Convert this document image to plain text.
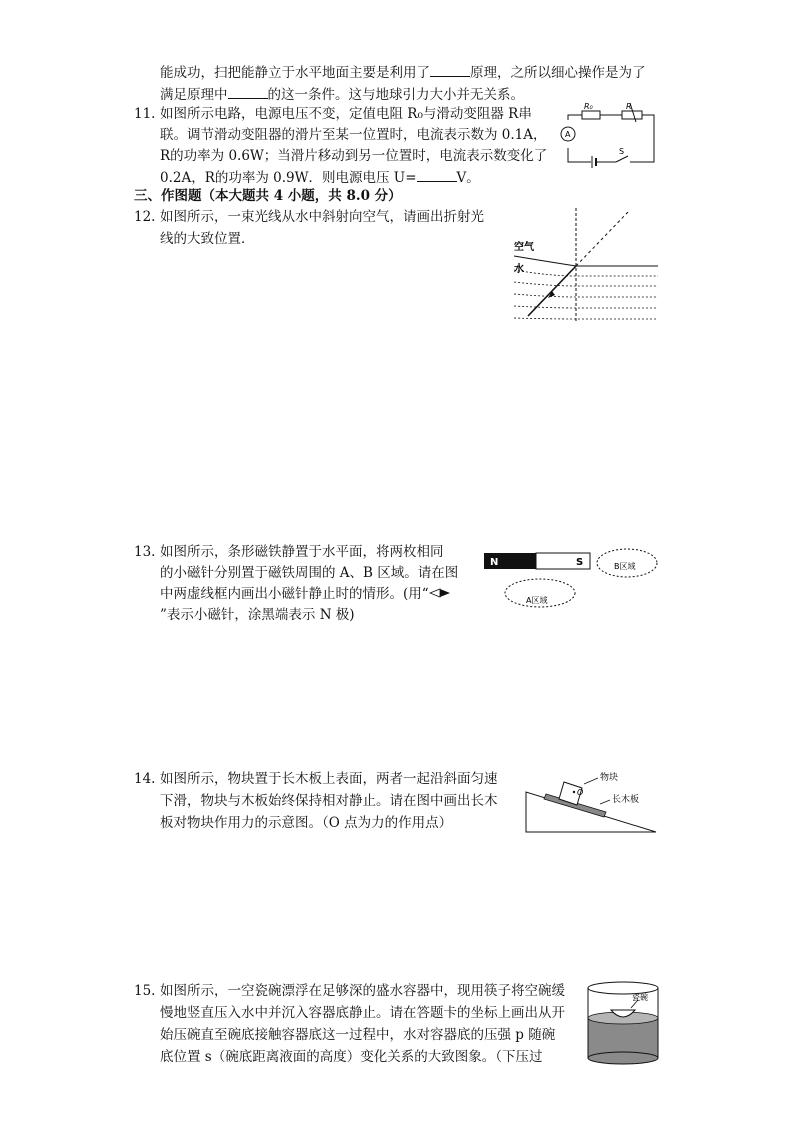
能成功，扫把能静立于水平地面主要是利用了	原理，之所以细心操作是为了
满足原理中	的这一条件。这与地球引力大小并无关系。
11. 如图所示电路，电源电压不变，定值电阻 R₀与滑动变阻器 R串
联。调节滑动变阻器的滑片至某一位置时，电流表示数为 0.1A，
R的功率为 0.6W；当滑片移动到另一位置时，电流表示数变化了
0.2A，R的功率为 0.9W．则电源电压 U=	V。
R₀	R
A
S
三、作图题（本大题共 4 小题，共 8.0 分）
12. 如图所示，一束光线从水中斜射向空气，请画出折射光
线的大致位置．
空气
水
13. 如图所示，条形磁铁静置于水平面，将两枚相同
的小磁针分别置于磁铁周围的 A、B 区域。请在图
中两虚线框内画出小磁针静止时的情形。(用“
”表示小磁针，涂黑端表示 N 极)
N	S	B区域
A区域
14. 如图所示，物块置于长木板上表面，两者一起沿斜面匀速
下滑，物块与木板始终保持相对静止。请在图中画出长木
板对物块作用力的示意图。（O 点为力的作用点）
O
物块
长木板
15. 如图所示，一空瓷碗漂浮在足够深的盛水容器中，现用筷子将空碗缓
慢地竖直压入水中并沉入容器底静止。请在答题卡的坐标上画出从开
始压碗直至碗底接触容器底这一过程中，水对容器底的压强 p 随碗
底位置 s（碗底距离液面的高度）变化关系的大致图象。（下压过
瓷碗
